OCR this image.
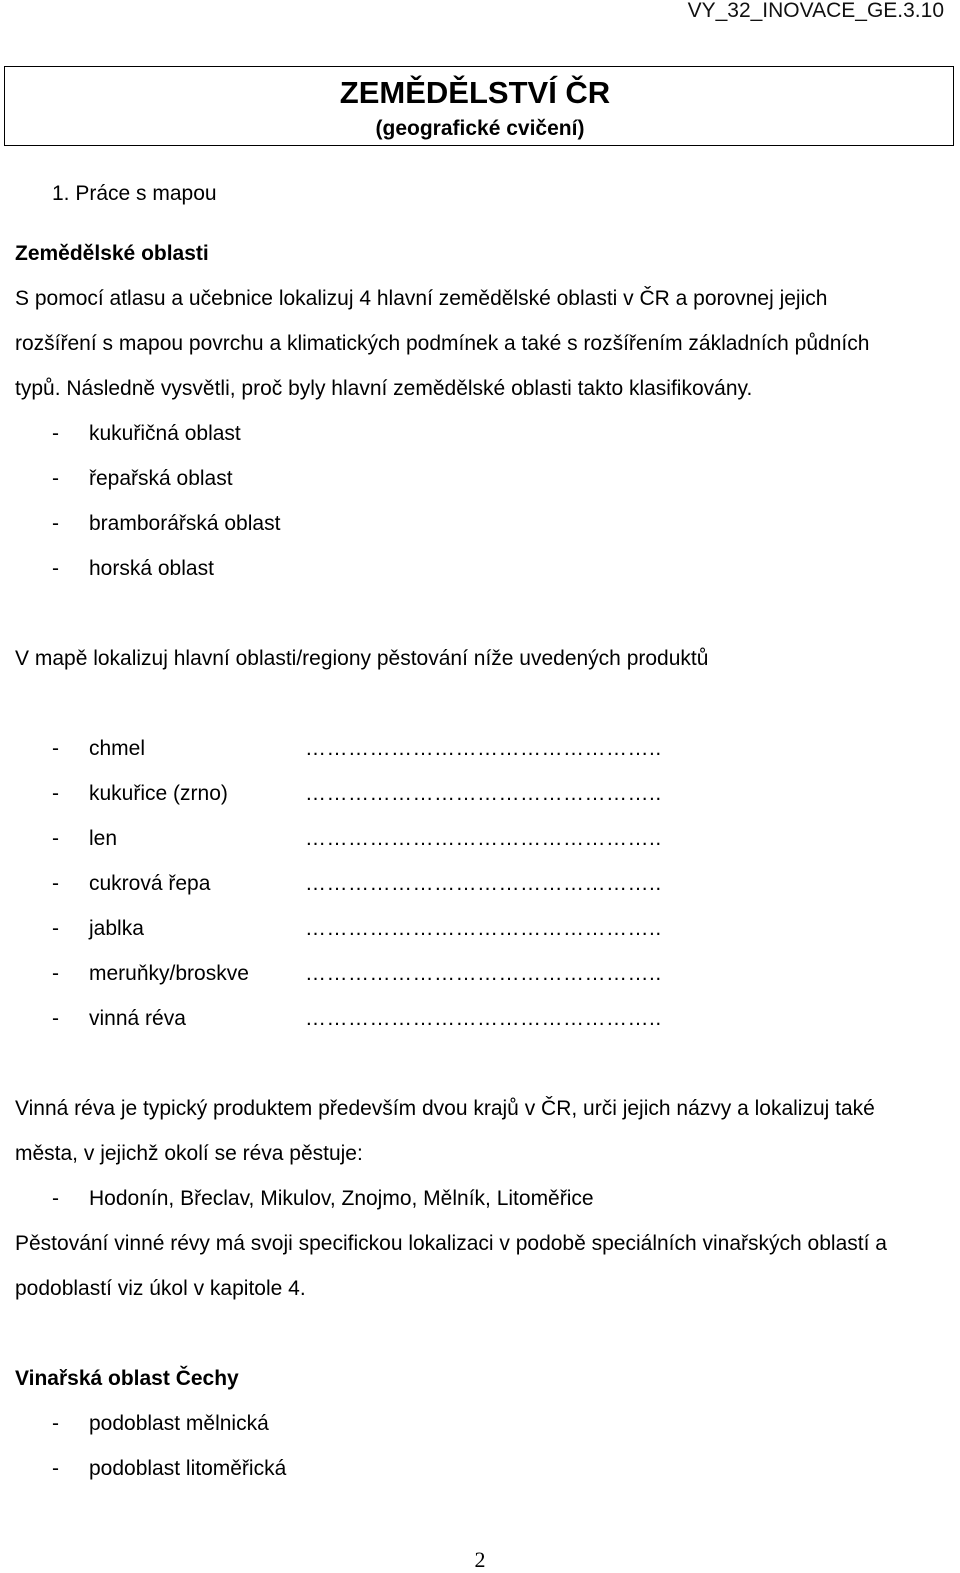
VY_32_INOVACE_GE.3.10
ZEMĚDĚLSTVÍ ČR
(geografické cvičení)
1. Práce s mapou
Zemědělské oblasti
S pomocí atlasu a učebnice lokalizuj 4 hlavní zemědělské oblasti v ČR a porovnej jejich
rozšíření s mapou povrchu a klimatických podmínek a také s rozšířením základních půdních
typů. Následně vysvětli, proč byly hlavní zemědělské oblasti takto klasifikovány.
- kukuřičná oblast
- řepařská oblast
- bramborářská oblast
- horská oblast
V mapě lokalizuj hlavní oblasti/regiony pěstování níže uvedených produktů
- chmel	…………………………………………..
- kukuřice (zrno)	…………………………………………..
- len	…………………………………………..
- cukrová řepa	…………………………………………..
- jablka	…………………………………………..
- meruňky/broskve	…………………………………………..
- vinná réva	…………………………………………..
Vinná réva je typický produktem především dvou krajů v ČR, urči jejich názvy a lokalizuj také
města, v jejichž okolí se réva pěstuje:
- Hodonín, Břeclav, Mikulov, Znojmo, Mělník, Litoměřice
Pěstování vinné révy má svoji specifickou lokalizaci v podobě speciálních vinařských oblastí a
podoblastí viz úkol v kapitole 4.
Vinařská oblast Čechy
- podoblast mělnická
- podoblast litoměřická
2
